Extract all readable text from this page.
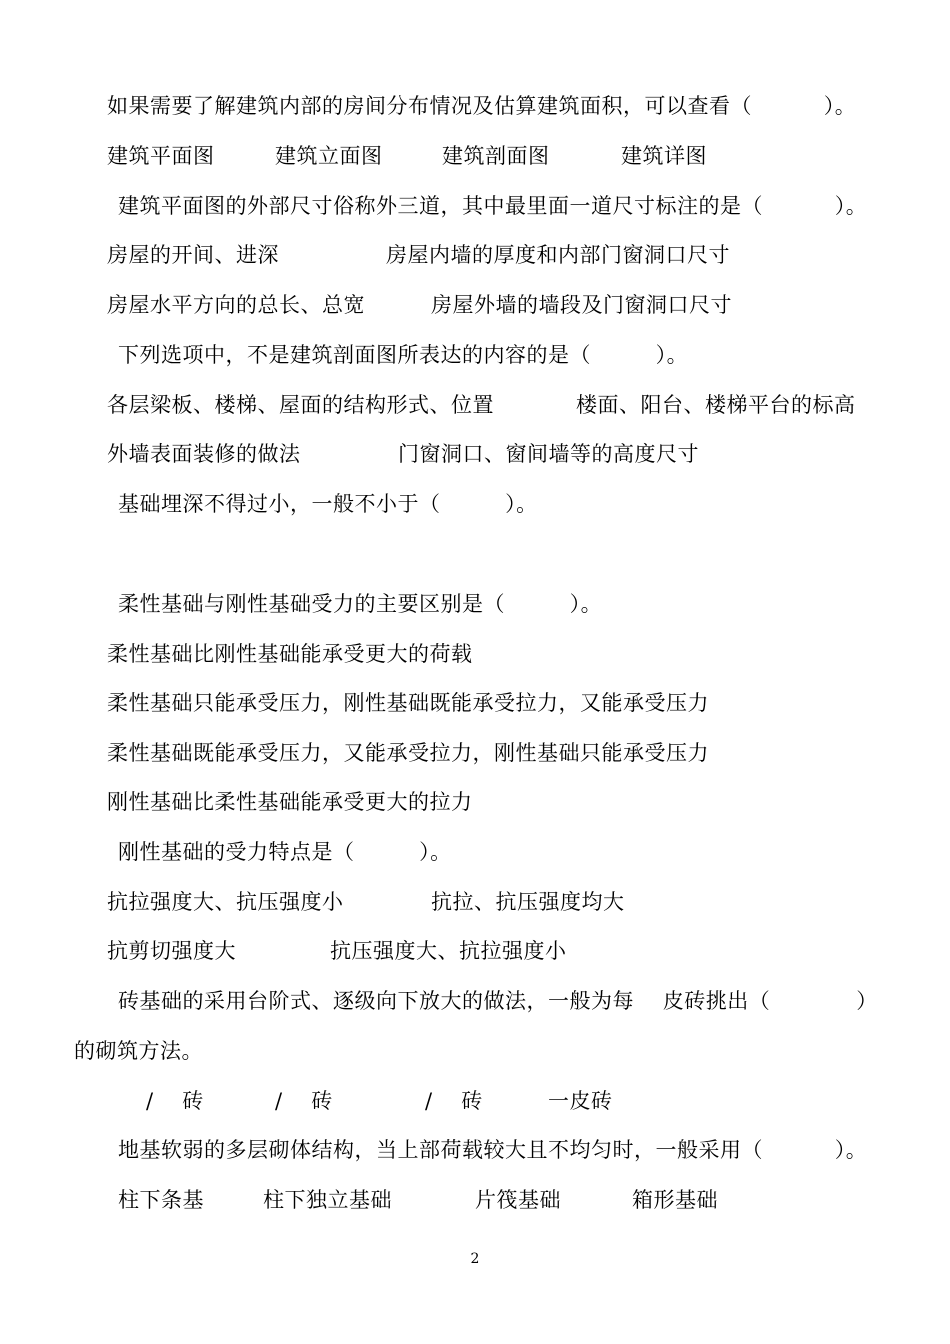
如果需要了解建筑内部的房间分布情况及估算建筑面积，可以查看（          ）。
建筑平面图	建筑立面图	建筑剖面图	建筑详图
建筑平面图的外部尺寸俗称外三道，其中最里面一道尺寸标注的是（          ）。
房屋的开间、进深	房屋内墙的厚度和内部门窗洞口尺寸
房屋水平方向的总长、总宽	房屋外墙的墙段及门窗洞口尺寸
下列选项中，不是建筑剖面图所表达的内容的是（         ）。
各层梁板、楼梯、屋面的结构形式、位置	楼面、阳台、楼梯平台的标高
外墙表面装修的做法	门窗洞口、窗间墙等的高度尺寸
基础埋深不得过小，一般不小于（         ）。
柔性基础与刚性基础受力的主要区别是（         ）。
柔性基础比刚性基础能承受更大的荷载
柔性基础只能承受压力，刚性基础既能承受拉力，又能承受压力
柔性基础既能承受压力，又能承受拉力，刚性基础只能承受压力
刚性基础比柔性基础能承受更大的拉力
刚性基础的受力特点是（         ）。
抗拉强度大、抗压强度小	抗拉、抗压强度均大
抗剪切强度大	抗压强度大、抗拉强度小
砖基础的采用台阶式、逐级向下放大的做法，一般为每    皮砖挑出（            ）
的砌筑方法。
/    砖	/    砖	/    砖	一皮砖
地基软弱的多层砌体结构，当上部荷载较大且不均匀时，一般采用（          ）。
柱下条基	柱下独立基础	片筏基础	箱形基础
2
